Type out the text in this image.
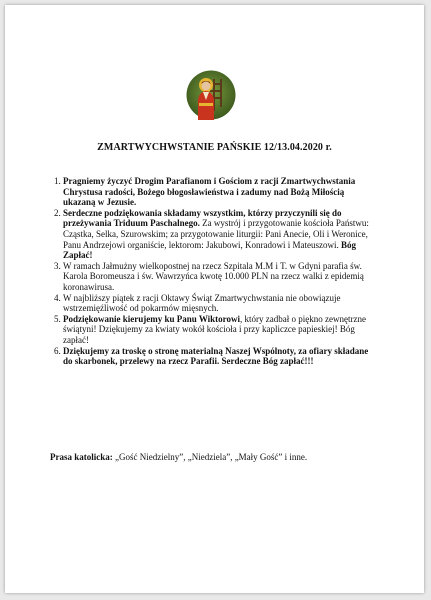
ZMARTWYCHWSTANIE PAŃSKIE 12/13.04.2020 r.
1. Pragniemy życzyć Drogim Parafianom i Gościom z racji Zmartwychwstania Chrystusa radości, Bożego błogosławieństwa i zadumy nad Bożą Miłością ukazaną w Jezusie.
2. Serdeczne podziękowania składamy wszystkim, którzy przyczynili się do przeżywania Triduum Paschalnego. Za wystrój i przygotowanie kościoła Państwu: Cząstka, Selka, Szurowskim; za przygotowanie liturgii: Pani Anecie, Oli i Weronice, Panu Andrzejowi organiście, lektorom: Jakubowi, Konradowi i Mateuszowi. Bóg Zapłać!
3. W ramach Jałmużny wielkopostnej na rzecz Szpitala M.M i T. w Gdyni parafia św. Karola Boromeusza i św. Wawrzyńca kwotę 10.000 PLN na rzecz walki z epidemią koronawirusa.
4. W najbliższy piątek z racji Oktawy Świąt Zmartwychwstania nie obowiązuje wstrzemięźliwość od pokarmów mięsnych.
5. Podziękowanie kierujemy ku Panu Wiktorowi, który zadbał o piękno zewnętrzne świątyni! Dziękujemy za kwiaty wokół kościoła i przy kapliczce papieskiej! Bóg zapłać!
6. Dziękujemy za troskę o stronę materialną Naszej Wspólnoty, za ofiary składane do skarbonek, przelewy na rzecz Parafii. Serdeczne Bóg zapłać!!!
Prasa katolicka: „Gość Niedzielny”, „Niedziela”, „Mały Gość” i inne.
